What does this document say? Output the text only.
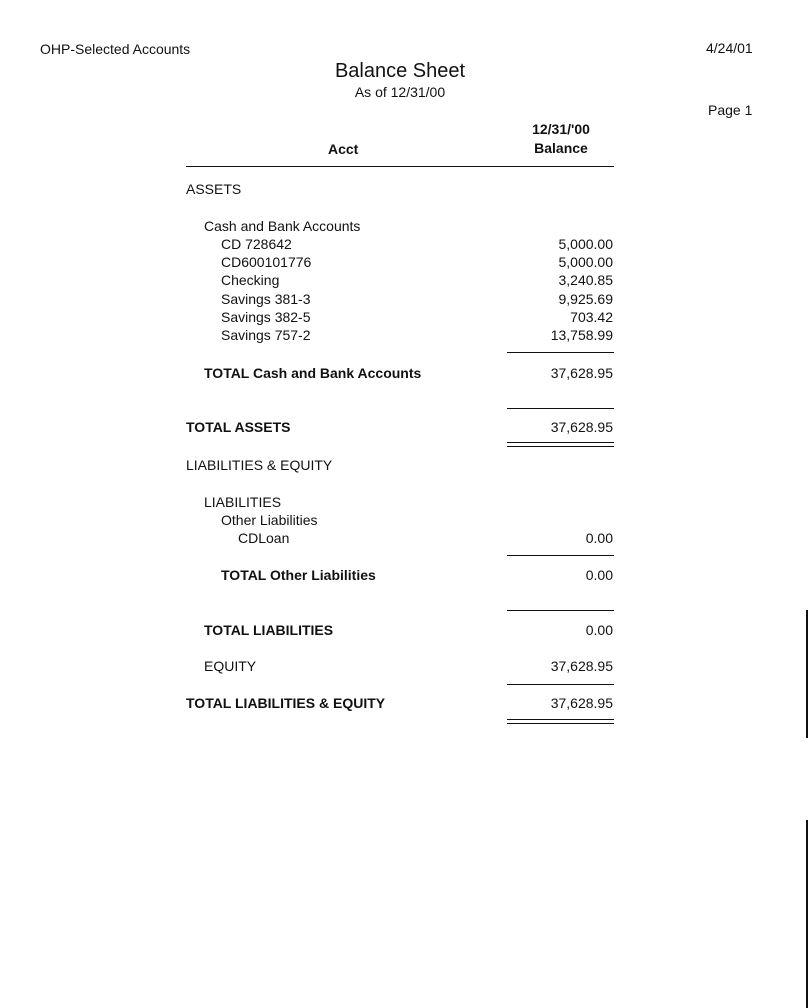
OHP-Selected Accounts	4/24/01
Balance Sheet
As of 12/31/00
Page 1
12/31/'00
Balance
Acct
ASSETS
Cash and Bank Accounts
CD 728642	5,000.00
CD600101776	5,000.00
Checking	3,240.85
Savings 381-3	9,925.69
Savings 382-5	703.42
Savings 757-2	13,758.99
TOTAL Cash and Bank Accounts	37,628.95
TOTAL ASSETS	37,628.95
LIABILITIES & EQUITY
LIABILITIES
Other Liabilities
CDLoan	0.00
TOTAL Other Liabilities	0.00
TOTAL LIABILITIES	0.00
EQUITY	37,628.95
TOTAL LIABILITIES & EQUITY	37,628.95
